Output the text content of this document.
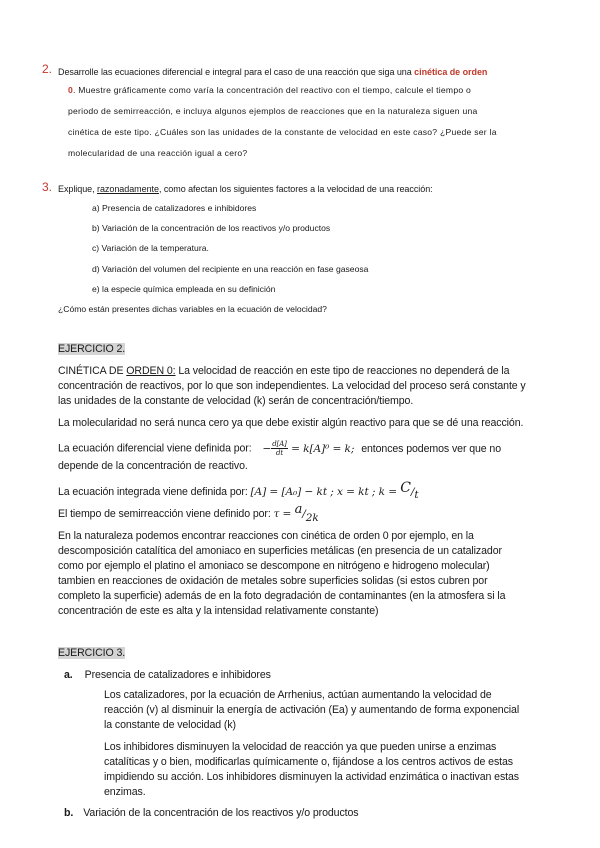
2. Desarrolle las ecuaciones diferencial e integral para el caso de una reacción que siga una cinética de orden
0. Muestre gráficamente como varía la concentración del reactivo con el tiempo, calcule el tiempo o
periodo de semirreacción, e incluya algunos ejemplos de reacciones que en la naturaleza siguen una
cinética de este tipo. ¿Cuáles son las unidades de la constante de velocidad en este caso? ¿Puede ser la
molecularidad de una reacción igual a cero?
3. Explique, razonadamente, como afectan los siguientes factores a la velocidad de una reacción:
a) Presencia de catalizadores e inhibidores
b) Variación de la concentración de los reactivos y/o productos
c) Variación de la temperatura.
d) Variación del volumen del recipiente en una reacción en fase gaseosa
e) la especie química empleada en su definición
¿Cómo están presentes dichas variables en la ecuación de velocidad?
EJERCICIO 2.
CINÉTICA DE ORDEN 0: La velocidad de reacción en este tipo de reacciones no dependerá de la
concentración de reactivos, por lo que son independientes. La velocidad del proceso será constante y
las unidades de la constante de velocidad (k) serán de concentración/tiempo.
La molecularidad no será nunca cero ya que debe existir algún reactivo para que se dé una reacción.
La ecuación diferencial viene definida por: − $\frac{d[A]}{dt} = k[A]^0 = k$; entonces podemos ver que no
depende de la concentración de reactivo.
La ecuación integrada viene definida por: [A] = [A₀] − kt ; x = kt ; k = C/t
El tiempo de semirreacción viene definido por: τ = a/2k
En la naturaleza podemos encontrar reacciones con cinética de orden 0 por ejemplo, en la
descomposición catalítica del amoniaco en superficies metálicas (en presencia de un catalizador
como por ejemplo el platino el amoniaco se descompone en nitrógeno e hidrogeno molecular)
tambien en reacciones de oxidación de metales sobre superficies solidas (si estos cubren por
completo la superficie) además de en la foto degradación de contaminantes (en la atmosfera si la
concentración de este es alta y la intensidad relativamente constante)
EJERCICIO 3.
a. Presencia de catalizadores e inhibidores
Los catalizadores, por la ecuación de Arrhenius, actúan aumentando la velocidad de
reacción (v) al disminuir la energía de activación (Ea) y aumentando de forma exponencial
la constante de velocidad (k)
Los inhibidores disminuyen la velocidad de reacción ya que pueden unirse a enzimas
catalíticas y o bien, modificarlas químicamente o, fijándose a los centros activos de estas
impidiendo su acción. Los inhibidores disminuyen la actividad enzimática o inactivan estas
enzimas.
b. Variación de la concentración de los reactivos y/o productos
